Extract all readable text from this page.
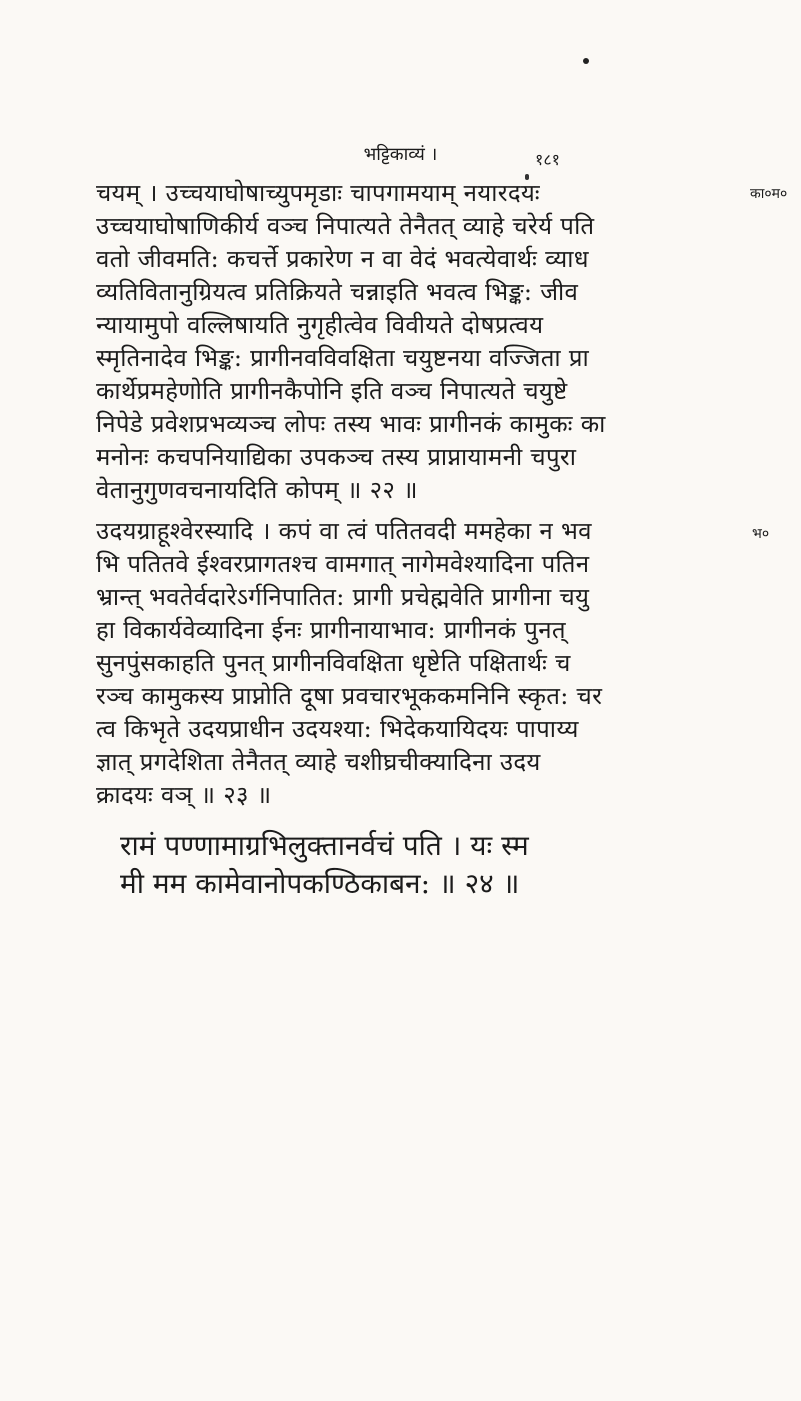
भट्टिकाव्यं ।	१८१
चयम् । उच्चयाघोषाच्युपमृडाः चापगामयाम् नयारदयः
उच्चयाघोषाणिकीर्य वञ्च निपात्यते तेनैतत् व्याहे चरेर्य पति
वतो जीवमति: कचर्त्ते प्रकारेण न वा वेदं भवत्येवार्थः व्याध
व्यतिवितानुग्रियत्व प्रतिक्रियते चन्नाइति भवत्व भिङ्क: जीव
न्यायामुपो वल्लिषायति नुगृहीत्वेव विवीयते दोषप्रत्वय
स्मृतिनादेव भिङ्क: प्रागीनवविवक्षिता चयुष्टनया वज्जिता प्रा
कार्थेप्रमहेणोति प्रागीनकैपोनि इति वञ्च निपात्यते चयुष्टे
निपेडे प्रवेशप्रभव्यञ्च लोपः तस्य भावः प्रागीनकं कामुकः का
मनोनः कचपनियाद्यिका उपकञ्च तस्य प्राप्नायामनी चपुरा
वेतानुगुणवचनायदिति कोपम् ॥ २२ ॥
का०म०
उदयग्राहूश्वेरस्यादि । कपं वा त्वं पतितवदी ममहेका न भव
भि पतितवे ईश्वरप्रागतश्च वामगात् नागेमवेश्यादिना पतिन
भ्रान्त् भवतेर्वदारेऽर्गनिपातित: प्रागी प्रचेह्मवेति प्रागीना चयु
हा विकार्यवेव्यादिना ईनः प्रागीनायाभाव: प्रागीनकं पुनत्
सुनपुंसकाहति पुनत् प्रागीनविवक्षिता धृष्टेति पक्षितार्थः च
रञ्च कामुकस्य प्राप्नोति दूषा प्रवचारभूककमनिनि स्कृत: चर
त्व किभृते उदयप्राधीन उदयश्या: भिदेकयायिदयः पापाय्य
ज्ञात् प्रगदेशिता तेनैतत् व्याहे चशीघ्रचीक्यादिना उदय
क्रादयः वञ् ॥ २३ ॥
भ०
रामं पण्णामाग्रभिलुक्तानर्वचं पति । यः स्म
मी मम कामेवानोपकण्ठिकाबन: ॥ २४ ॥
